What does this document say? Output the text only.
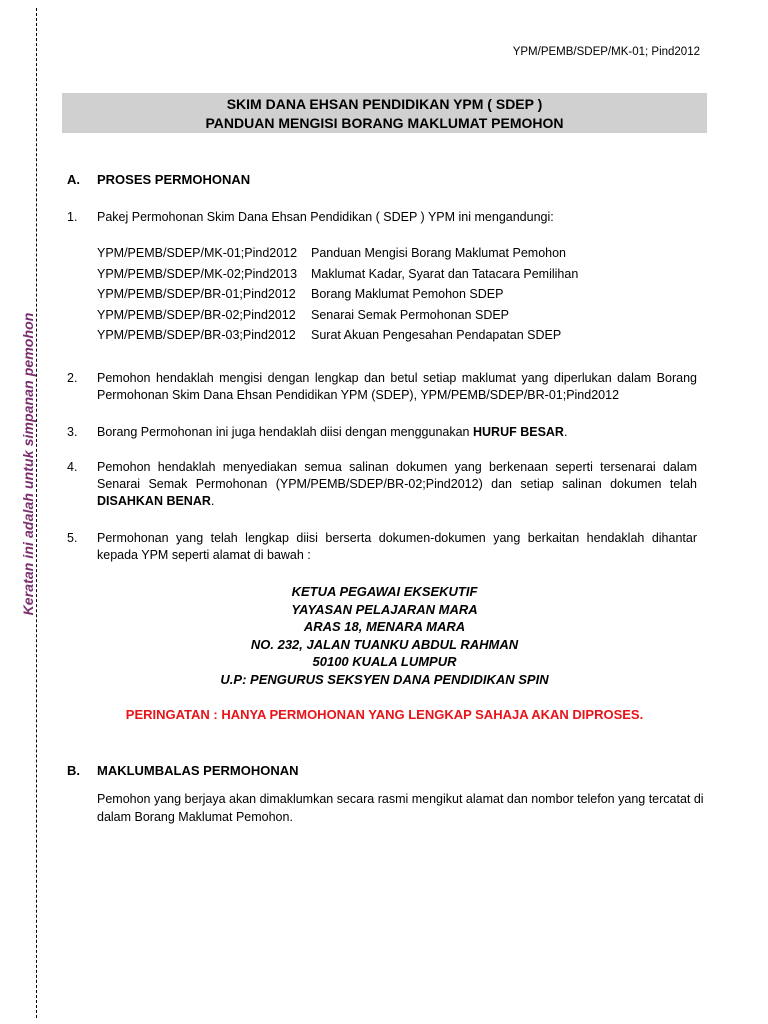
Keratan ini adalah untuk simpanan pemohon
YPM/PEMB/SDEP/MK-01; Pind2012
SKIM DANA EHSAN PENDIDIKAN YPM ( SDEP )
PANDUAN MENGISI BORANG MAKLUMAT PEMOHON
A. PROSES PERMOHONAN
1. Pakej Permohonan Skim Dana Ehsan Pendidikan ( SDEP ) YPM ini mengandungi:
YPM/PEMB/SDEP/MK-01;Pind2012 Panduan Mengisi Borang Maklumat Pemohon
YPM/PEMB/SDEP/MK-02;Pind2013 Maklumat Kadar, Syarat dan Tatacara Pemilihan
YPM/PEMB/SDEP/BR-01;Pind2012 Borang Maklumat Pemohon SDEP
YPM/PEMB/SDEP/BR-02;Pind2012 Senarai Semak Permohonan SDEP
YPM/PEMB/SDEP/BR-03;Pind2012 Surat Akuan Pengesahan Pendapatan SDEP
2. Pemohon hendaklah mengisi dengan lengkap dan betul setiap maklumat yang diperlukan dalam Borang Permohonan Skim Dana Ehsan Pendidikan YPM (SDEP), YPM/PEMB/SDEP/BR-01;Pind2012
3. Borang Permohonan ini juga hendaklah diisi dengan menggunakan HURUF BESAR.
4. Pemohon hendaklah menyediakan semua salinan dokumen yang berkenaan seperti tersenarai dalam Senarai Semak Permohonan (YPM/PEMB/SDEP/BR-02;Pind2012) dan setiap salinan dokumen telah DISAHKAN BENAR.
5. Permohonan yang telah lengkap diisi berserta dokumen-dokumen yang berkaitan hendaklah dihantar kepada YPM seperti alamat di bawah :
KETUA PEGAWAI EKSEKUTIF
YAYASAN PELAJARAN MARA
ARAS 18, MENARA MARA
NO. 232, JALAN TUANKU ABDUL RAHMAN
50100 KUALA LUMPUR
U.P: PENGURUS SEKSYEN DANA PENDIDIKAN SPIN
PERINGATAN : HANYA PERMOHONAN YANG LENGKAP SAHAJA AKAN DIPROSES.
B. MAKLUMBALAS PERMOHONAN
Pemohon yang berjaya akan dimaklumkan secara rasmi mengikut alamat dan nombor telefon yang tercatat di dalam Borang Maklumat Pemohon.
